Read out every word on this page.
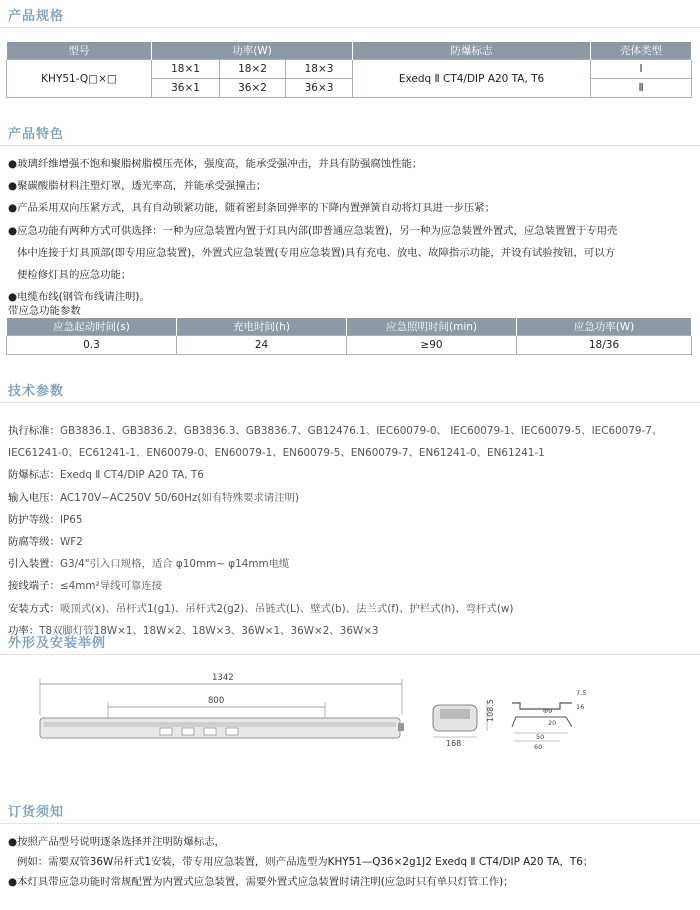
产品规格
型号	功率(W)			防爆标志	壳体类型
KHY51-Q□×□	18×1	18×2	18×3	Exedq Ⅱ CT4/DIP A20 TA, T6	Ⅰ
	36×1	36×2	36×3		Ⅱ
产品特色
●玻璃纤维增强不饱和聚脂树脂模压壳体，强度高，能承受强冲击，并具有防强腐蚀性能；
●聚碳酸脂材料注塑灯罩，透光率高，并能承受强撞击；
●产品采用双向压紧方式，具有自动锁紧功能，随着密封条回弹率的下降内置弹簧自动将灯具进一步压紧；
●应急功能有两种方式可供选择：一种为应急装置内置于灯具内部(即普通应急装置)，另一种为应急装置外置式，应急装置置于专用壳
体中连接于灯具顶部(即专用应急装置)，外置式应急装置(专用应急装置)具有充电、放电、故障指示功能，并设有试验按钮，可以方
便检修灯具的应急功能；
●电缆布线(钢管布线请注明)。
带应急功能参数
应急起动时间(s)	充电时间(h)	应急照明时间(min)	应急功率(W)
0.3	24	≥90	18/36
技术参数
执行标准：GB3836.1、GB3836.2、GB3836.3、GB3836.7、GB12476.1、IEC60079-0、 IEC60079-1、IEC60079-5、IEC60079-7、
IEC61241-0、EC61241-1、EN60079-0、EN60079-1、EN60079-5、EN60079-7、EN61241-0、EN61241-1
防爆标志：Exedq Ⅱ CT4/DIP A20 TA, T6
输入电压：AC170V~AC250V 50/60Hz(如有特殊要求请注明)
防护等级：IP65
防腐等级：WF2
引入装置：G3/4"引入口规格，适合 φ10mm~ φ14mm电缆
接线端子：≤4mm²导线可靠连接
安装方式：吸顶式(x)、吊杆式1(g1)、吊杆式2(g2)、吊链式(L)、壁式(b)、法兰式(f)、护栏式(h)、弯杆式(w)
功率：T8双脚灯管18W×1、18W×2、18W×3、36W×1、36W×2、36W×3
外形及安装举例
1342
800
168
108.5	Φ9
7.5
16
20
50
60
订货须知
●按照产品型号说明逐条选择并注明防爆标志，
例如：需要双管36W吊杆式1安装，带专用应急装置，则产品选型为KHY51—Q36×2g1J2 Exedq Ⅱ CT4/DIP A20 TA，T6；
●本灯具带应急功能时常规配置为内置式应急装置，需要外置式应急装置时请注明(应急时只有单只灯管工作)；
